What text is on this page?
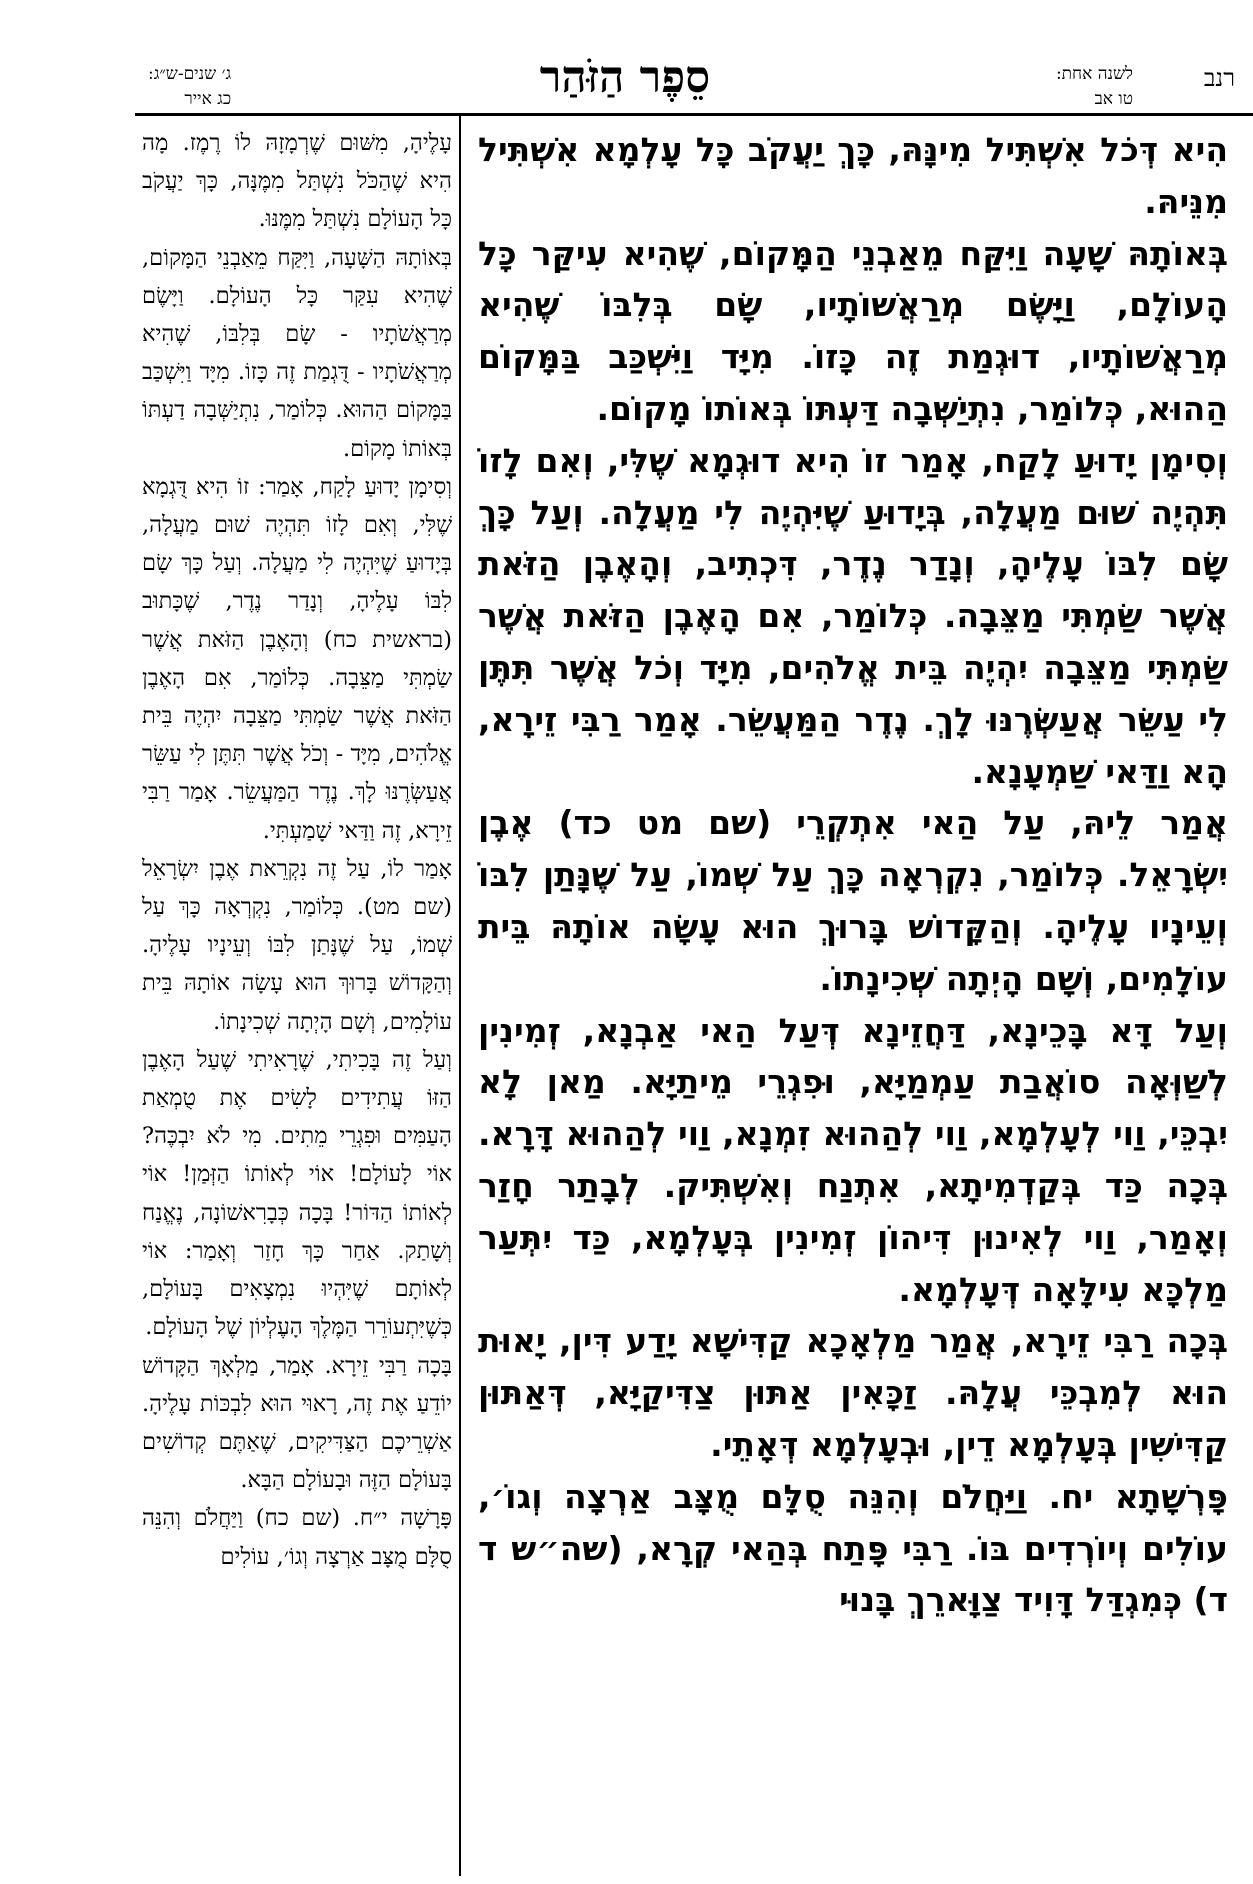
רנב
לשנה אחת:
טו אב
סֵפֶר הַזֹּהַר
ג׳ שנים-ש״ג:
כג אייר

הִיא דְּכֹל אִשְׁתִּיל מִינָּהּ, כָּךְ יַעֲקֹב כָּל עָלְמָא אִשְׁתִּיל מִנֵּיהּ.

בְּאוֹתָהּ שָׁעָה וַיִּקַּח מֵאַבְנֵי הַמָּקוֹם, שֶׁהִיא עִיקַּר כָּל הָעוֹלָם, וַיָּשֶׂם מְרַאֲשׁוֹתָיו, שָׂם בְּלִבּוֹ שֶׁהִיא מְרַאֲשׁוֹתָיו, דוּגְמַת זֶה כָּזוֹ. מִיָּד וַיִּשְׁכַּב בַּמָּקוֹם הַהוּא, כְּלוֹמַר, נִתְיַשְּׁבָה דַּעְתּוֹ בְּאוֹתוֹ מָקוֹם.

וְסִימָן יָדוּעַ לָקַח, אָמַר זוֹ הִיא דוּגְמָא שֶׁלִּי, וְאִם לָזוֹ תִּהְיֶה שׁוּם מַעֲלָה, בְּיָדוּעַ שֶׁיִּהְיֶה לִי מַעֲלָה. וְעַל כָּךְ שָׂם לִבּוֹ עָלֶיהָ, וְנָדַר נֶדֶר, דִּכְתִיב, וְהָאֶבֶן הַזֹּאת אֲשֶׁר שַׂמְתִּי מַצֵּבָה. כְּלוֹמַר, אִם הָאֶבֶן הַזֹּאת אֲשֶׁר שַׂמְתִּי מַצֵּבָה יִהְיֶה בֵּית אֱלֹהִים, מִיָּד וְכֹל אֲשֶׁר תִּתֶּן לִי עַשֵּׂר אֲעַשְּׂרֶנּוּ לָךְ. נֶדֶר הַמַּעֲשֵׂר. אָמַר רַבִּי זֵירָא, הָא וַדַּאי שַׁמְעָנָא.

אֲמַר לֵיהּ, עַל הַאי אִתְקְרֵי (שם מט כד) אֶבֶן יִשְׂרָאֵל. כְּלוֹמַר, נִקְרְאָה כָּךְ עַל שְׁמוֹ, עַל שֶׁנָּתַן לִבּוֹ וְעֵינָיו עָלֶיהָ. וְהַקָּדוֹשׁ בָּרוּךְ הוּא עָשָׂה אוֹתָהּ בֵּית עוֹלָמִים, וְשָׁם הָיְתָה שְׁכִינָתוֹ.

וְעַל דָּא בָּכֵינָא, דַּחֲזֵינָא דְּעַל הַאי אַבְנָא, זְמִינִין לְשַׁוְּאָה סוֹאֲבַת עַמְמַיָּא, וּפִגְרֵי מֵיתַיָּא. מַאן לָא יִבְכֵּי, וַוי לְעָלְמָא, וַוי לְהַהוּא זִמְנָא, וַוי לְהַהוּא דָּרָא. בְּכָה כַּד בְּקַדְמִיתָא, אִתְנַח וְאִשְׁתִּיק. לְבָתַר חָזַר וְאָמַר, וַוי לְאִינוּן דִּיהוֹן זְמִינִין בְּעָלְמָא, כַּד יִתְּעַר מַלְכָּא עִילָּאָה דְּעָלְמָא.

בְּכָה רַבִּי זֵירָא, אֲמַר מַלְאָכָא קַדִּישָׁא יָדַע דִּין, יָאוּת הוּא לְמִבְכֵּי עֲלָהּ. זַכָּאִין אַתּוּן צַדִּיקַיָּא, דְּאַתּוּן קַדִּישִׁין בְּעָלְמָא דֵין, וּבְעָלְמָא דְּאָתֵי.

פָּרְשָׁתָא יח. וַיַּחֲלֹם וְהִנֵּה סֻלָּם מֻצָּב אַרְצָה וְגוֹ׳, עוֹלִים וְיוֹרְדִים בּוֹ. רַבִּי פָּתַח בְּהַאי קְרָא, (שה״ש ד ד) כְּמִגְדַּל דָּוִיד צַוָּארֵךְ בָּנוּי

עָלֶיהָ, מִשּׁוּם שֶׁרְמָזָהּ לוֹ רֶמֶז. מָה הִיא שֶׁהַכֹּל נִשְׁתַּל מִמֶּנָּה, כָּךְ יַעֲקֹב כָּל הָעוֹלָם נִשְׁתַּל מִמֶּנּוּ.

בְּאוֹתָהּ הַשָּׁעָה, וַיִּקַּח מֵאַבְנֵי הַמָּקוֹם, שֶׁהִיא עִקַּר כָּל הָעוֹלָם. וַיָּשֶׂם מְרַאֲשֹׁתָיו - שָׂם בְּלִבּוֹ, שֶׁהִיא מְרַאֲשֹׁתָיו - דֻּגְמַת זֶה כָּזוֹ. מִיָּד וַיִּשְׁכַּב בַּמָּקוֹם הַהוּא. כְּלוֹמַר, נִתְיַשְּׁבָה דַעְתּוֹ בְּאוֹתוֹ מָקוֹם.

וְסִימָן יָדוּעַ לָקַח, אָמַר: זוֹ הִיא דֻּגְמָא שֶׁלִּי, וְאִם לָזוֹ תִּהְיֶה שׁוּם מַעֲלָה, בְּיָדוּעַ שֶׁיִּהְיֶה לִי מַעֲלָה. וְעַל כָּךְ שָׂם לִבּוֹ עָלֶיהָ, וְנָדַר נֶדֶר, שֶׁכָּתוּב (בראשית כח) וְהָאֶבֶן הַזֹּאת אֲשֶׁר שַׂמְתִּי מַצֵּבָה. כְּלוֹמַר, אִם הָאֶבֶן הַזֹּאת אֲשֶׁר שַׂמְתִּי מַצֵּבָה יִהְיֶה בֵּית אֱלֹהִים, מִיָּד - וְכֹל אֲשֶׁר תִּתֶּן לִי עַשֵּׂר אֲעַשְּׂרֶנּוּ לָךְ. נֶדֶר הַמַּעֲשֵׂר. אָמַר רַבִּי זֵירָא, זֶה וַדַּאי שָׁמַעְתִּי.

אָמַר לוֹ, עַל זֶה נִקְרֵאת אֶבֶן יִשְׂרָאֵל (שם מט). כְּלוֹמַר, נִקְרְאָה כָּךְ עַל שְׁמוֹ, עַל שֶׁנָּתַן לִבּוֹ וְעֵינָיו עָלֶיהָ. וְהַקָּדוֹשׁ בָּרוּךְ הוּא עָשָׂה אוֹתָהּ בֵּית עוֹלָמִים, וְשָׁם הָיְתָה שְׁכִינָתוֹ.

וְעַל זֶה בָּכִיתִי, שֶׁרָאִיתִי שֶׁעַל הָאֶבֶן הַזּוֹ עֲתִידִים לָשִׂים אֶת טֻמְאַת הָעַמִּים וּפִגְרֵי מֵתִים. מִי לֹא יִבְכֶּה? אוֹי לָעוֹלָם! אוֹי לְאוֹתוֹ הַזְּמַן! אוֹי לְאוֹתוֹ הַדּוֹר! בָּכָה כְּבָרִאשׁוֹנָה, נֶאֱנַח וְשָׁתַק. אַחַר כָּךְ חָזַר וְאָמַר: אוֹי לְאוֹתָם שֶׁיִּהְיוּ נִמְצָאִים בָּעוֹלָם, כְּשֶׁיִּתְעוֹרֵר הַמֶּלֶךְ הָעֶלְיוֹן שֶׁל הָעוֹלָם.

בָּכָה רַבִּי זֵירָא. אָמַר, מַלְאָךְ הַקָּדוֹשׁ יוֹדֵעַ אֶת זֶה, רָאוּי הוּא לִבְכּוֹת עָלֶיהָ. אַשְׁרֵיכֶם הַצַּדִּיקִים, שֶׁאַתֶּם קְדוֹשִׁים בָּעוֹלָם הַזֶּה וּבָעוֹלָם הַבָּא.

פָּרָשָׁה י״ח. (שם כח) וַיַּחֲלֹם וְהִנֵּה סֻלָּם מֻצָּב אַרְצָה וְגוֹ׳, עוֹלִים
